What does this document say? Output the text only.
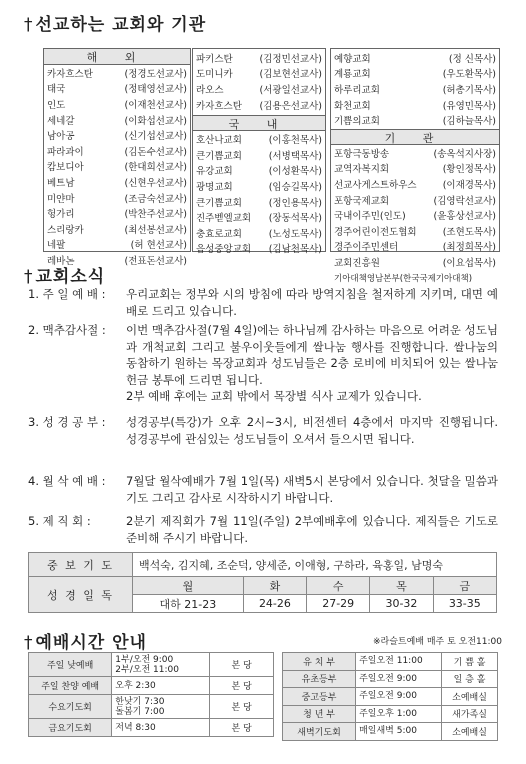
† 선교하는 교회와 기관
해 외
카자흐스탄	(정경도선교사)
태국	(정태영선교사)
인도	(이재천선교사)
세네갈	(이화섭선교사)
남아공	(신기섭선교사)
파라과이	(김돈수선교사)
캄보디아	(한대희선교사)
베트남	(신현우선교사)
미얀마	(조금숙선교사)
헝가리	(박찬주선교사)
스리랑카	(최선봉선교사)
네팔	(허 현선교사)
레바논	(전표돈선교사)
파키스탄	(김정민선교사)
도미니카	(김보현선교사)
라오스	(서광일선교사)
카자흐스탄	(김용은선교사)
국 내
호산나교회	(이홍천목사)
큰기쁨교회	(서병택목사)
유강교회	(이성환목사)
광명교회	(임승길목사)
큰기쁨교회	(정인용목사)
진주벧엘교회	(장동석목사)
충효로교회	(노성도목사)
음성중앙교회	(김남천목사)
예향교회	(정 신목사)
계룡교회	(우도환목사)
하루리교회	(허총기목사)
화천교회	(유영민목사)
기쁨의교회	(김하늘목사)
기 관
포항극동방송	(송옥석지사장)
교역자복지회	(황인정목사)
선교사게스트하우스	(이재경목사)
포항국제교회	(김영락선교사)
국내이주민(인도)	(윤홍상선교사)
경주어린이전도협회	(조현도목사)
경주이주민센터	(최정희목사)
교회진흥원	(이요섭목사)
기아대책영남본부(한국국제기아대책)	
† 교회소식
1. 주 일 예 배 :	우리교회는 정부와 시의 방침에 따라 방역지침을 철저하게 지키며, 대면 예배로 드리고 있습니다.
2. 맥추감사절 :	이번 맥추감사절(7월 4일)에는 하나님께 감사하는 마음으로 어려운 성도님과 개척교회 그리고 불우이웃들에게 쌀나눔 행사를 진행합니다. 쌀나눔의 동참하기 원하는 목장교회과 성도님들은 2층 로비에 비치되어 있는 쌀나눔 헌금 봉투에 드리면 됩니다.
2부 예배 후에는 교회 밖에서 목장별 식사 교제가 있습니다.
3. 성 경 공 부 :	성경공부(특강)가 오후 2시~3시, 비전센터 4층에서 마지막 진행됩니다. 성경공부에 관심있는 성도님들이 오셔서 들으시면 됩니다.
4. 월 삭 예 배 :	7월달 월삭예배가 7월 1일(목) 새벽5시 본당에서 있습니다. 첫달을 밀씀과 기도 그리고 감사로 시작하시기 바랍니다.
5. 제 직 회 :	2분기 제직회가 7월 11일(주일) 2부예배후에 있습니다. 제직들은 기도로 준비해 주시기 바랍니다.
중 보 기 도	백석숙, 김지혜, 조순덕, 양세준, 이애형, 구하라, 육홍일, 남명숙				
성 경 일 독	월	화	수	목	금
	대하 21-23	24-26	27-29	30-32	33-35
† 예배시간 안내	※라슬트예배 매주 토 오전11:00
주일 낮예배	1부/오전 9:00
2부/오전 11:00	본 당
주일 찬양 예배	오후 2:30	본 당
수요기도회	한낮기 7:30
돌봄기 7:00	본 당
금요기도회	저녁 8:30	본 당
유 치 부	주일오전 11:00	기 쁨 홀
유초등부	주일오전 9:00	일 층 홀
중고등부	주일오전 9:00	소예배실
청 년 부	주일오후 1:00	새가족실
새벽기도회	매일새벽 5:00	소예배실
